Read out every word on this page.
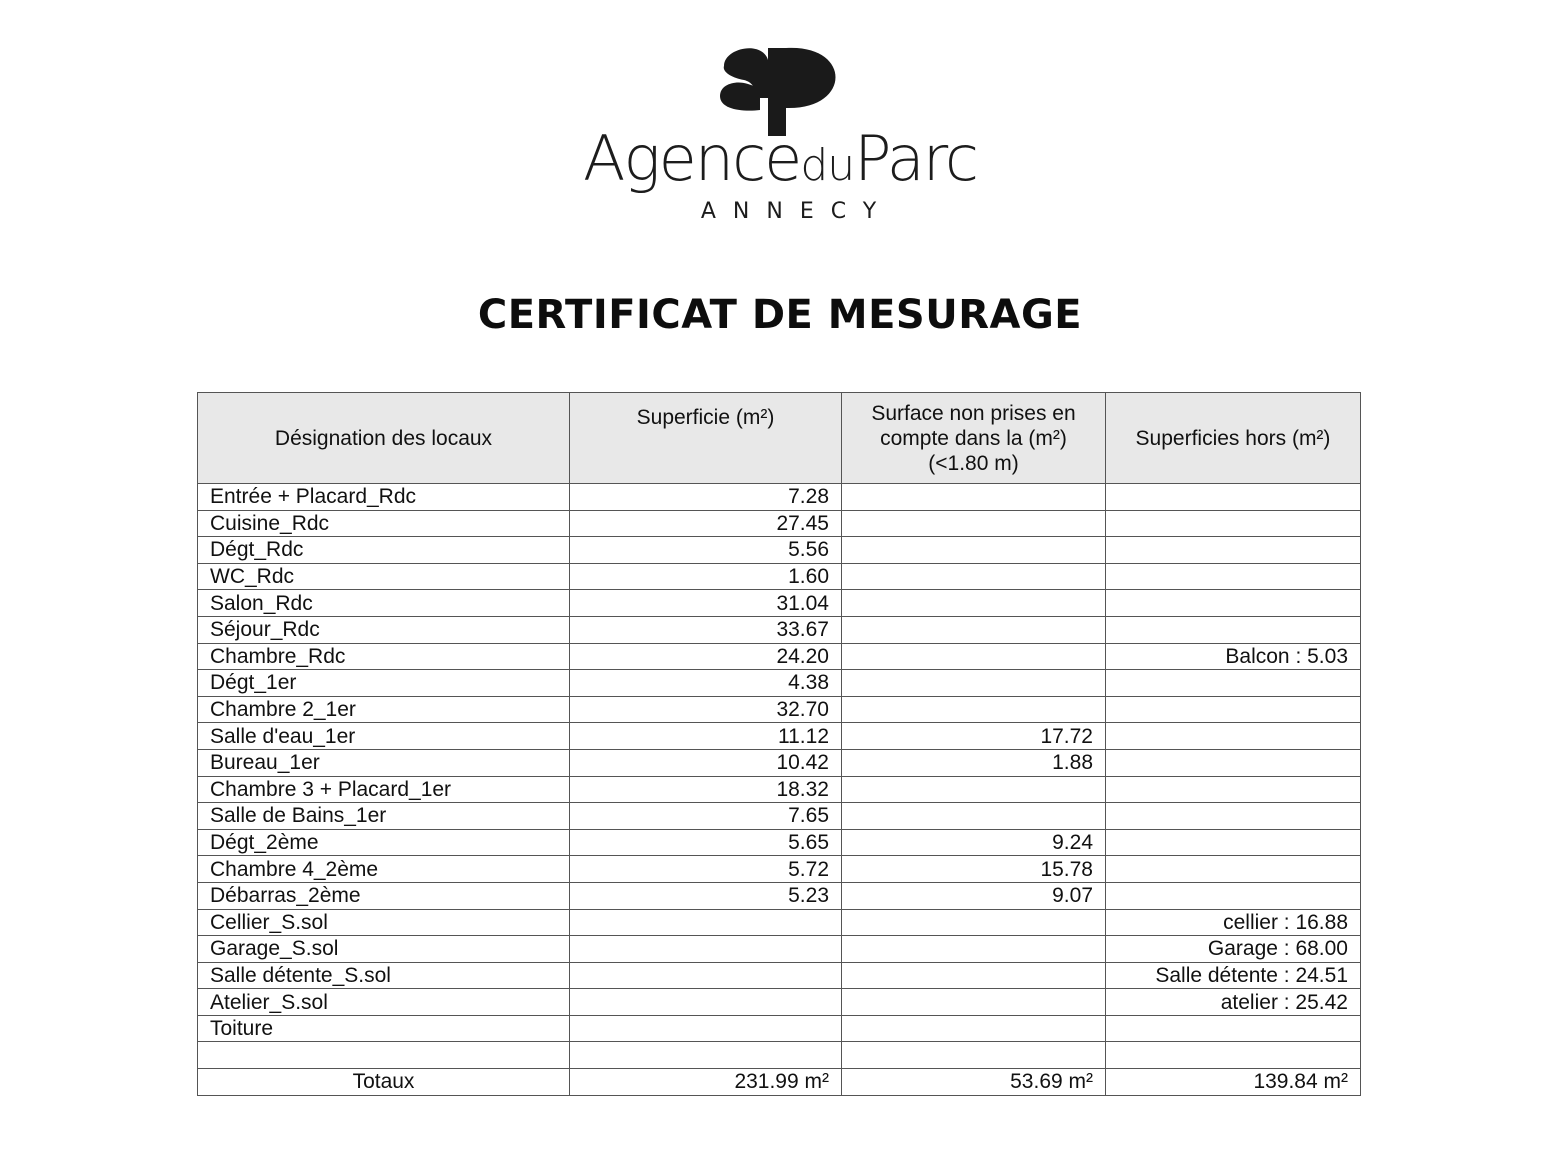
AgenceduParc
ANNECY
CERTIFICAT DE MESURAGE
Désignation des locaux	Superficie (m²)	Surface non prises en compte dans la (m²) (<1.80 m)	Superficies hors (m²)
Entrée + Placard_Rdc	7.28		
Cuisine_Rdc	27.45		
Dégt_Rdc	5.56		
WC_Rdc	1.60		
Salon_Rdc	31.04		
Séjour_Rdc	33.67		
Chambre_Rdc	24.20		Balcon : 5.03
Dégt_1er	4.38		
Chambre 2_1er	32.70		
Salle d'eau_1er	11.12	17.72	
Bureau_1er	10.42	1.88	
Chambre 3 + Placard_1er	18.32		
Salle de Bains_1er	7.65		
Dégt_2ème	5.65	9.24	
Chambre 4_2ème	5.72	15.78	
Débarras_2ème	5.23	9.07	
Cellier_S.sol			cellier : 16.88
Garage_S.sol			Garage : 68.00
Salle détente_S.sol			Salle détente : 24.51
Atelier_S.sol			atelier : 25.42
Toiture			

Totaux	231.99 m²	53.69 m²	139.84 m²
